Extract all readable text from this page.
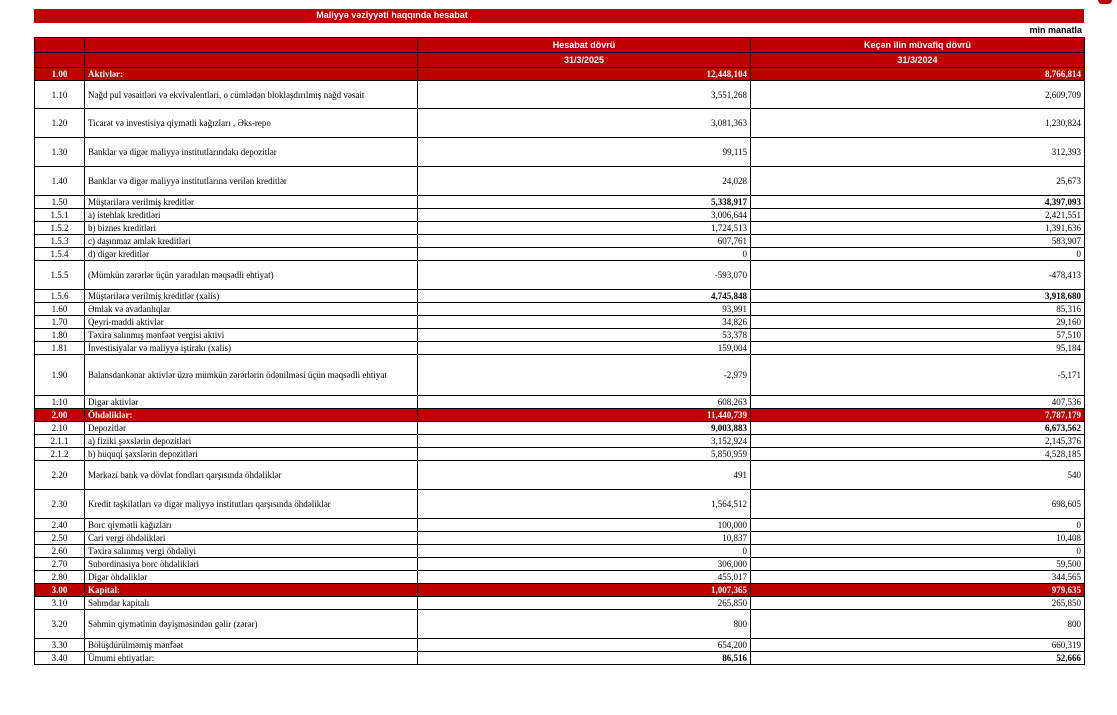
Maliyyə vəziyyəti haqqında hesabat
min manatla
		Hesabat dövrü	Keçən ilin müvafiq dövrü
		31/3/2025	31/3/2024
1.00	Aktivlər:	12,448,104	8,766,814
1.10	Nağd pul vəsaitləri və ekvivalentləri, o cümlədən bloklaşdırılmış nağd vəsait	3,551,268	2,609,709
1.20	Ticarət və investisiya qiymətli kağızları , Əks-repo	3,081,363	1,230,824
1.30	Banklar və digər maliyyə institutlarındakı depozitlər	99,115	312,393
1.40	Banklar və digər maliyyə institutlarına verilən kreditlər	24,028	25,673
1.50	Müştərilərə verilmiş kreditlər	5,338,917	4,397,093
1.5.1	a) istehlak kreditləri	3,006,644	2,421,551
1.5.2	b) biznes kreditləri	1,724,513	1,391,636
1.5.3	c) daşınmaz əmlak kreditləri	607,761	583,907
1.5.4	d) digər kreditlər	0	0
1.5.5	(Mümkün zərərlər üçün yaradılan məqsədli ehtiyat)	-593,070	-478,413
1.5.6	Müştərilərə verilmiş kreditlər (xalis)	4,745,848	3,918,680
1.60	Əmlak və avadanlıqlar	93,991	85,316
1.70	Qeyri-maddi aktivlər	34,826	29,160
1.80	Təxirə salınmış mənfəət vergisi aktivi	53,378	57,510
1.81	İnvestisiyalar və maliyyə iştirakı (xalis)	159,004	95,184
1.90	Balansdankənar aktivlər üzrə mümkün zərərlərin ödənilməsi üçün məqsədli ehtiyat	-2,979	-5,171
1.10	Digər aktivlər	608,263	407,536
2.00	Öhdəliklər:	11,440,739	7,787,179
2.10	Depozitlər	9,003,883	6,673,562
2.1.1	a) fiziki şəxslərin depozitləri	3,152,924	2,145,376
2.1.2	b) hüquqi şəxslərin depozitləri	5,850,959	4,528,185
2.20	Mərkəzi bank və dövlət fondları qarşısında öhdəliklər	491	540
2.30	Kredit təşkilatları və digər maliyyə institutları qarşısında öhdəliklər	1,564,512	698,605
2.40	Borc qiymətli kağızları	100,000	0
2.50	Cari vergi öhdəlikləri	10,837	10,408
2.60	Təxirə salınmış vergi öhdəliyi	0	0
2.70	Subordinasiya borc öhdəlikləri	306,000	59,500
2.80	Digər öhdəliklər	455,017	344,565
3.00	Kapital:	1,007,365	979,635
3.10	Səhmdar kapitalı	265,850	265,850
3.20	Səhmin qiymətinin dəyişməsindən gəlir (zərər)	800	800
3.30	Bölüşdürülməmiş mənfəət	654,200	660,319
3.40	Ümumi ehtiyatlar:	86,516	52,666
